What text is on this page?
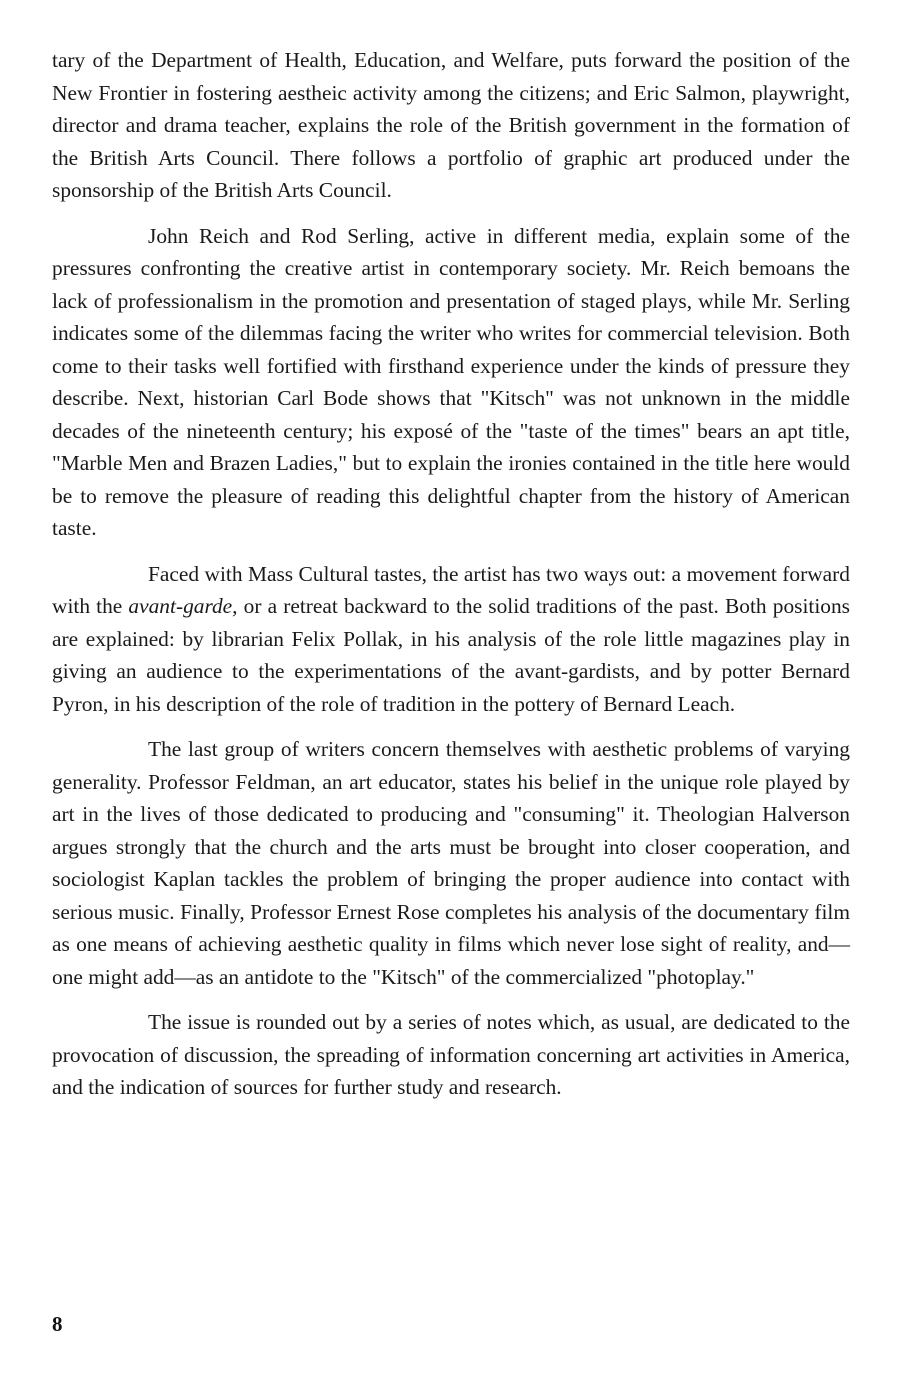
tary of the Department of Health, Education, and Welfare, puts forward the position of the New Frontier in fostering aestheic activity among the citizens; and Eric Salmon, playwright, director and drama teacher, explains the role of the British government in the formation of the British Arts Council. There follows a portfolio of graphic art produced under the sponsorship of the British Arts Council.

John Reich and Rod Serling, active in different media, explain some of the pressures confronting the creative artist in contemporary society. Mr. Reich bemoans the lack of professionalism in the promotion and presentation of staged plays, while Mr. Serling indicates some of the dilemmas facing the writer who writes for commercial television. Both come to their tasks well fortified with firsthand experience under the kinds of pressure they describe. Next, historian Carl Bode shows that "Kitsch" was not unknown in the middle decades of the nineteenth century; his exposé of the "taste of the times" bears an apt title, "Marble Men and Brazen Ladies," but to explain the ironies contained in the title here would be to remove the pleasure of reading this delightful chapter from the history of American taste.

Faced with Mass Cultural tastes, the artist has two ways out: a movement forward with the avant-garde, or a retreat backward to the solid traditions of the past. Both positions are explained: by librarian Felix Pollak, in his analysis of the role little magazines play in giving an audience to the experimentations of the avant-gardists, and by potter Bernard Pyron, in his description of the role of tradition in the pottery of Bernard Leach.

The last group of writers concern themselves with aesthetic problems of varying generality. Professor Feldman, an art educator, states his belief in the unique role played by art in the lives of those dedicated to producing and "consuming" it. Theologian Halverson argues strongly that the church and the arts must be brought into closer cooperation, and sociologist Kaplan tackles the problem of bringing the proper audience into contact with serious music. Finally, Professor Ernest Rose completes his analysis of the documentary film as one means of achieving aesthetic quality in films which never lose sight of reality, and—one might add—as an antidote to the "Kitsch" of the commercialized "photoplay."

The issue is rounded out by a series of notes which, as usual, are dedicated to the provocation of discussion, the spreading of information concerning art activities in America, and the indication of sources for further study and research.

8
